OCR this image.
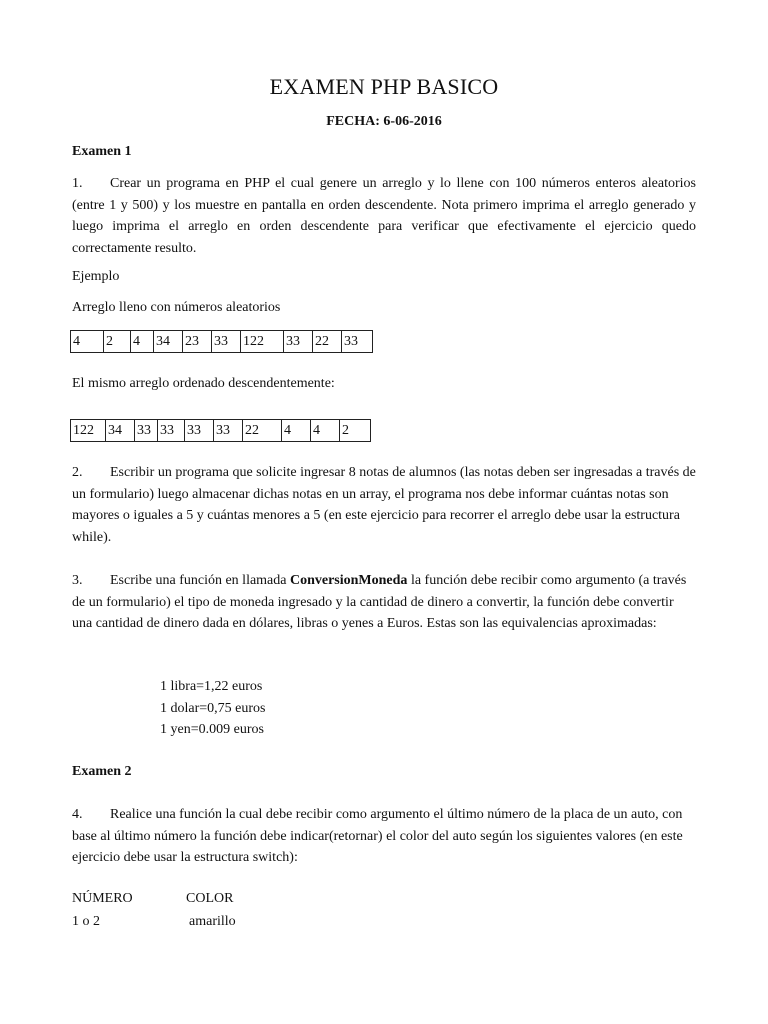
EXAMEN PHP BASICO
FECHA: 6-06-2016
Examen 1
1. Crear un programa en PHP el cual genere un arreglo y lo llene con 100 números enteros aleatorios (entre 1 y 500) y los muestre en pantalla en orden descendente. Nota primero imprima el arreglo generado y luego imprima el arreglo en orden descendente para verificar que efectivamente el ejercicio quedo correctamente resulto.
Ejemplo
Arreglo lleno con números aleatorios
4	2	4	34	23	33	122	33	22	33
El mismo arreglo ordenado descendentemente:
122	34	33	33	33	33	22	4	4	2
2. Escribir un programa que solicite ingresar 8 notas de alumnos (las notas deben ser ingresadas a través de un formulario) luego almacenar dichas notas en un array, el programa nos debe informar cuántas notas son mayores o iguales a 5 y cuántas menores a 5 (en este ejercicio para recorrer el arreglo debe usar la estructura while).
3. Escribe una función en llamada ConversionMoneda la función debe recibir como argumento (a través de un formulario) el tipo de moneda ingresado y la cantidad de dinero a convertir, la función debe convertir una cantidad de dinero dada en dólares, libras o yenes a Euros. Estas son las equivalencias aproximadas:
1 libra=1,22 euros
1 dolar=0,75 euros
1 yen=0.009 euros
Examen 2
4. Realice una función la cual debe recibir como argumento el último número de la placa de un auto, con base al último número la función debe indicar(retornar) el color del auto según los siguientes valores (en este ejercicio debe usar la estructura switch):
NÚMERO	COLOR
1 o 2	amarillo
